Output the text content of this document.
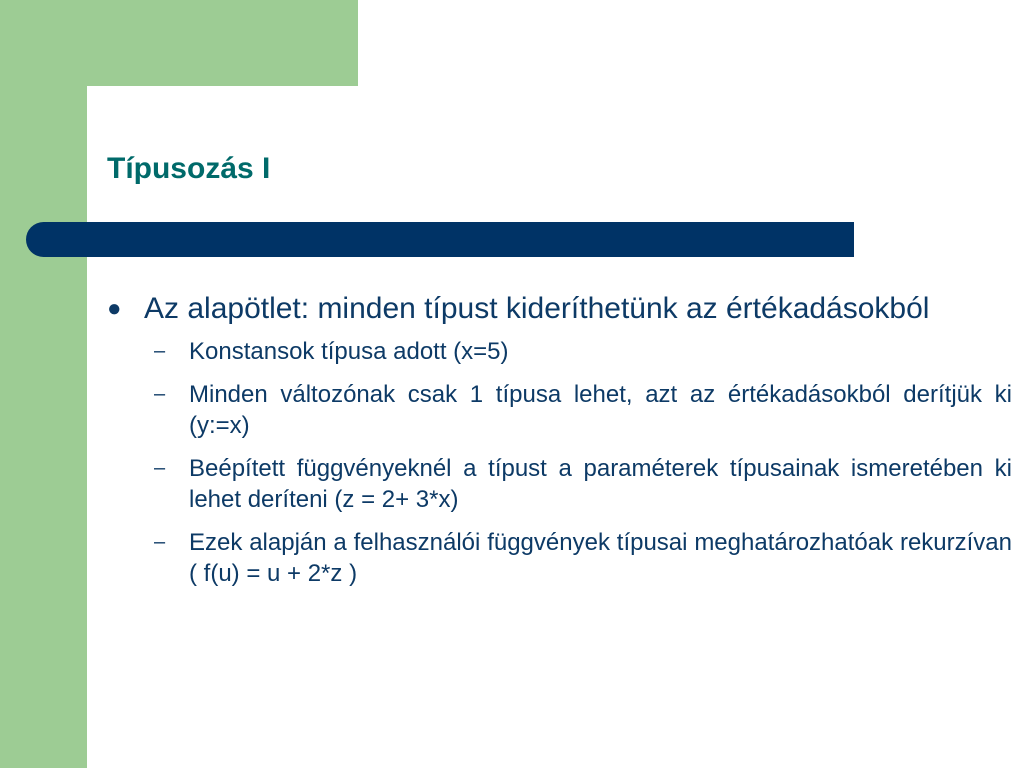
Típusozás I
● Az alapötlet: minden típust kideríthetünk az értékadásokból
– Konstansok típusa adott (x=5)
– Minden változónak csak 1 típusa lehet, azt az értékadásokból derítjük ki (y:=x)
– Beépített függvényeknél a típust a paraméterek típusainak ismeretében ki lehet deríteni (z = 2+ 3*x)
– Ezek alapján a felhasználói függvények típusai meghatározhatóak rekurzívan ( f(u) = u + 2*z )
